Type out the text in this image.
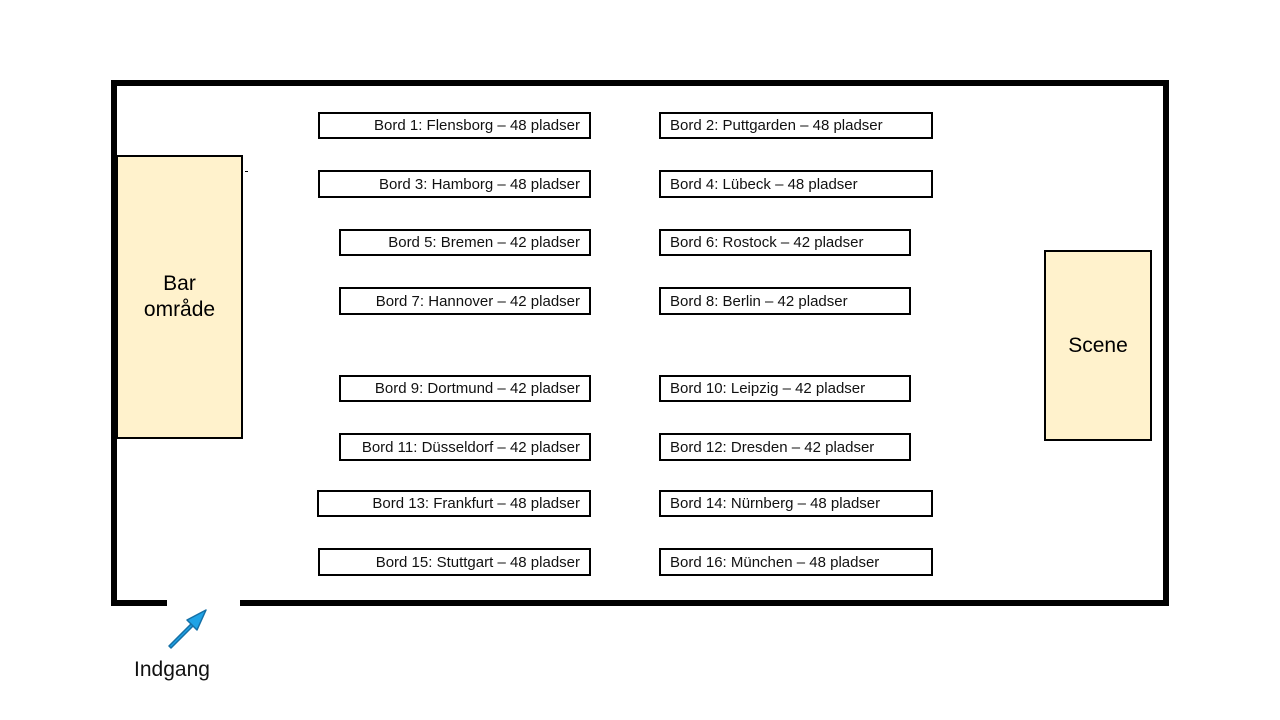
Bar
område
Scene
Bord 1: Flensborg – 48 pladser	Bord 2: Puttgarden – 48 pladser
Bord 3: Hamborg – 48 pladser	Bord 4: Lübeck – 48 pladser
Bord 5: Bremen – 42 pladser	Bord 6: Rostock – 42 pladser
Bord 7: Hannover – 42 pladser	Bord 8: Berlin – 42 pladser
Bord 9: Dortmund – 42 pladser	Bord 10: Leipzig – 42 pladser
Bord 11: Düsseldorf – 42 pladser	Bord 12: Dresden – 42 pladser
Bord 13: Frankfurt – 48 pladser	Bord 14: Nürnberg – 48 pladser
Bord 15: Stuttgart – 48 pladser	Bord 16: München – 48 pladser
Indgang
